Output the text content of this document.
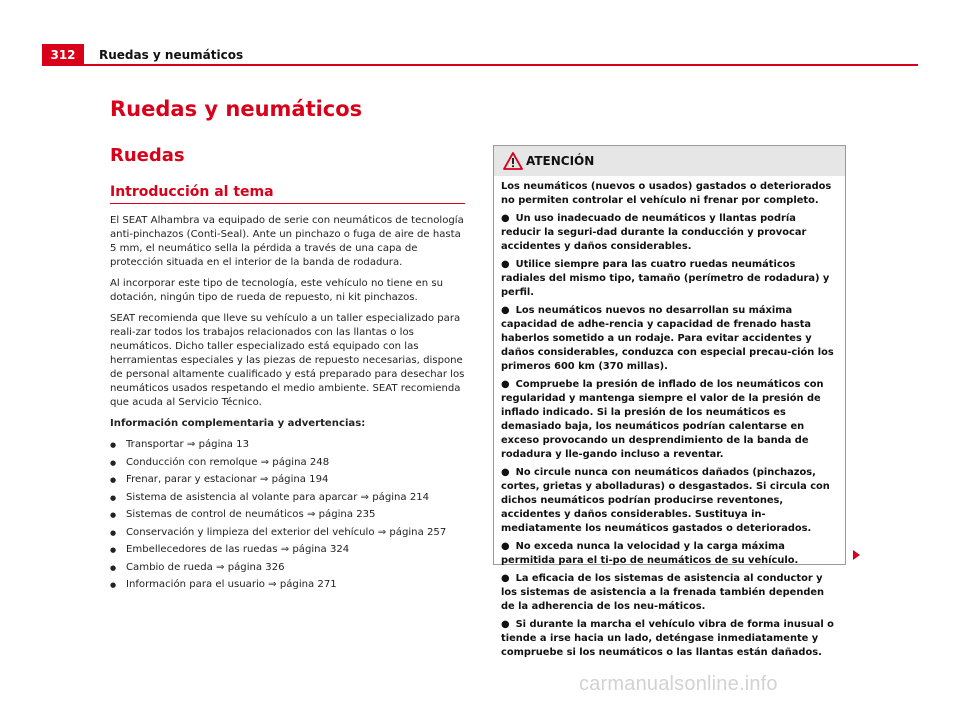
312	Ruedas y neumáticos
Ruedas y neumáticos
Ruedas
Introducción al tema

El SEAT Alhambra va equipado de serie con neumáticos de tecnología anti-pinchazos (Conti-Seal). Ante un pinchazo o fuga de aire de hasta 5 mm, el neumático sella la pérdida a través de una capa de protección situada en el interior de la banda de rodadura.

Al incorporar este tipo de tecnología, este vehículo no tiene en su dotación, ningún tipo de rueda de repuesto, ni kit pinchazos.

SEAT recomienda que lleve su vehículo a un taller especializado para reali-zar todos los trabajos relacionados con las llantas o los neumáticos. Dicho taller especializado está equipado con las herramientas especiales y las piezas de repuesto necesarias, dispone de personal altamente cualificado y está preparado para desechar los neumáticos usados respetando el medio ambiente. SEAT recomienda que acuda al Servicio Técnico.

Información complementaria y advertencias:

● Transportar ⇒ página 13
● Conducción con remolque ⇒ página 248
● Frenar, parar y estacionar ⇒ página 194
● Sistema de asistencia al volante para aparcar ⇒ página 214
● Sistemas de control de neumáticos ⇒ página 235
● Conservación y limpieza del exterior del vehículo ⇒ página 257
● Embellecedores de las ruedas ⇒ página 324
● Cambio de rueda ⇒ página 326
● Información para el usuario ⇒ página 271
ATENCIÓN

Los neumáticos (nuevos o usados) gastados o deteriorados no permiten controlar el vehículo ni frenar por completo.

● Un uso inadecuado de neumáticos y llantas podría reducir la seguri-dad durante la conducción y provocar accidentes y daños considerables.

● Utilice siempre para las cuatro ruedas neumáticos radiales del mismo tipo, tamaño (perímetro de rodadura) y perfil.

● Los neumáticos nuevos no desarrollan su máxima capacidad de adhe-rencia y capacidad de frenado hasta haberlos sometido a un rodaje. Para evitar accidentes y daños considerables, conduzca con especial precau-ción los primeros 600 km (370 millas).

● Compruebe la presión de inflado de los neumáticos con regularidad y mantenga siempre el valor de la presión de inflado indicado. Si la presión de los neumáticos es demasiado baja, los neumáticos podrían calentarse en exceso provocando un desprendimiento de la banda de rodadura y lle-gando incluso a reventar.

● No circule nunca con neumáticos dañados (pinchazos, cortes, grietas y abolladuras) o desgastados. Si circula con dichos neumáticos podrían producirse reventones, accidentes y daños considerables. Sustituya in-mediatamente los neumáticos gastados o deteriorados.

● No exceda nunca la velocidad y la carga máxima permitida para el ti-po de neumáticos de su vehículo.

● La eficacia de los sistemas de asistencia al conductor y los sistemas de asistencia a la frenada también dependen de la adherencia de los neu-máticos.

● Si durante la marcha el vehículo vibra de forma inusual o tiende a irse hacia un lado, deténgase inmediatamente y compruebe si los neumáticos o las llantas están dañados.

carmanualsonline.info
